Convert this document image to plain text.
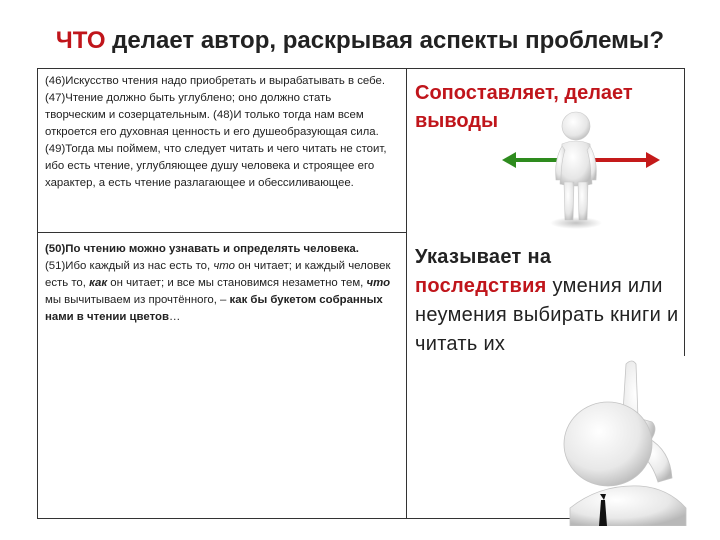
ЧТО делает автор, раскрывая аспекты проблемы?
(46)Искусство чтения надо приобретать и вырабатывать в себе. (47)Чтение должно быть углублено; оно должно стать творческим и созерцательным. (48)И только тогда нам всем откроется его духовная ценность и его душеобразующая сила. (49)Тогда мы поймем, что следует читать и чего читать не стоит, ибо есть чтение, углубляющее душу человека и строящее его характер, а есть чтение разлагающее и обессиливающее.
(50)По чтению можно узнавать и определять человека. (51)Ибо каждый из нас есть то, что он читает; и каждый человек есть то, как он читает; и все мы становимся незаметно тем, что мы вычитываем из прочтённого, – как бы букетом собранных нами в чтении цветов…
Сопоставляет, делает выводы
Указывает на последствия умения или неумения выбирать книги и читать их
